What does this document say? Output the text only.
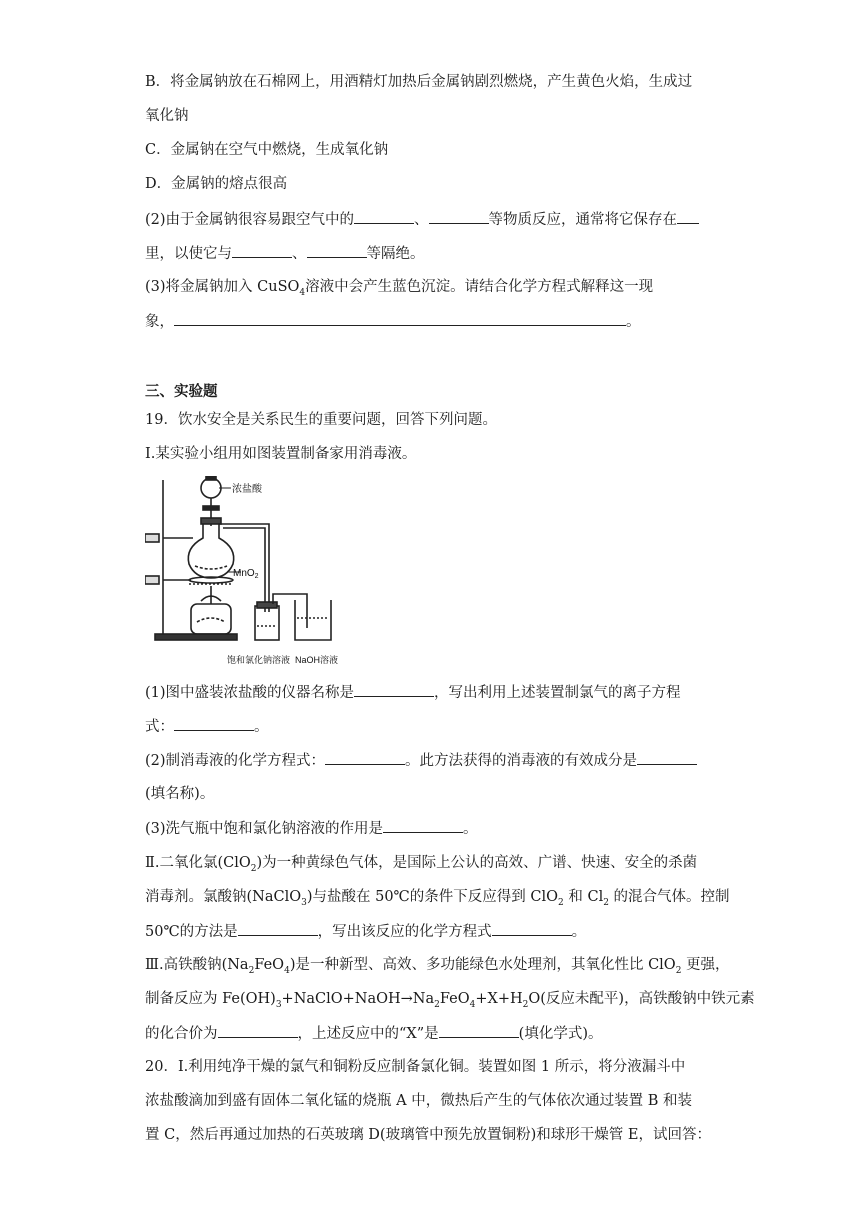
B．将金属钠放在石棉网上，用酒精灯加热后金属钠剧烈燃烧，产生黄色火焰，生成过
氧化钠
C．金属钠在空气中燃烧，生成氧化钠
D．金属钠的熔点很高
(2)由于金属钠很容易跟空气中的	、	等物质反应，通常将它保存在
里，以使它与	、	等隔绝。
(3)将金属钠加入 CuSO$_4$溶液中会产生蓝色沉淀。请结合化学方程式解释这一现
象，	。
三、实验题
19．饮水安全是关系民生的重要问题，回答下列问题。
Ⅰ.某实验小组用如图装置制备家用消毒液。
浓盐酸
MnO$_2$
饱和氯化钠溶液 NaOH溶液
(1)图中盛装浓盐酸的仪器名称是	，写出利用上述装置制氯气的离子方程
式：	。
(2)制消毒液的化学方程式：	。此方法获得的消毒液的有效成分是
(填名称)。
(3)洗气瓶中饱和氯化钠溶液的作用是	。
Ⅱ.二氧化氯(ClO$_2$)为一种黄绿色气体，是国际上公认的高效、广谱、快速、安全的杀菌
消毒剂。氯酸钠(NaClO$_3$)与盐酸在 50℃的条件下反应得到 ClO$_2$ 和 $Cl_2$ 的混合气体。控制
50℃的方法是	，写出该反应的化学方程式	。
Ⅲ.高铁酸钠$(Na_2FeO_4)$是一种新型、高效、多功能绿色水处理剂，其氧化性比 ClO$_2$ 更强，
制备反应为 $Fe(OH)_3+NaClO+NaOH\to Na_2FeO_4+X+H_2O$(反应未配平)，高铁酸钠中铁元素
的化合价为	，上述反应中的“X”是	(填化学式)。
20．Ⅰ.利用纯净干燥的氯气和铜粉反应制备氯化铜。装置如图 1 所示，将分液漏斗中
浓盐酸滴加到盛有固体二氧化锰的烧瓶 A 中，微热后产生的气体依次通过装置 B 和装
置 C，然后再通过加热的石英玻璃 D(玻璃管中预先放置铜粉)和球形干燥管 E，试回答：
